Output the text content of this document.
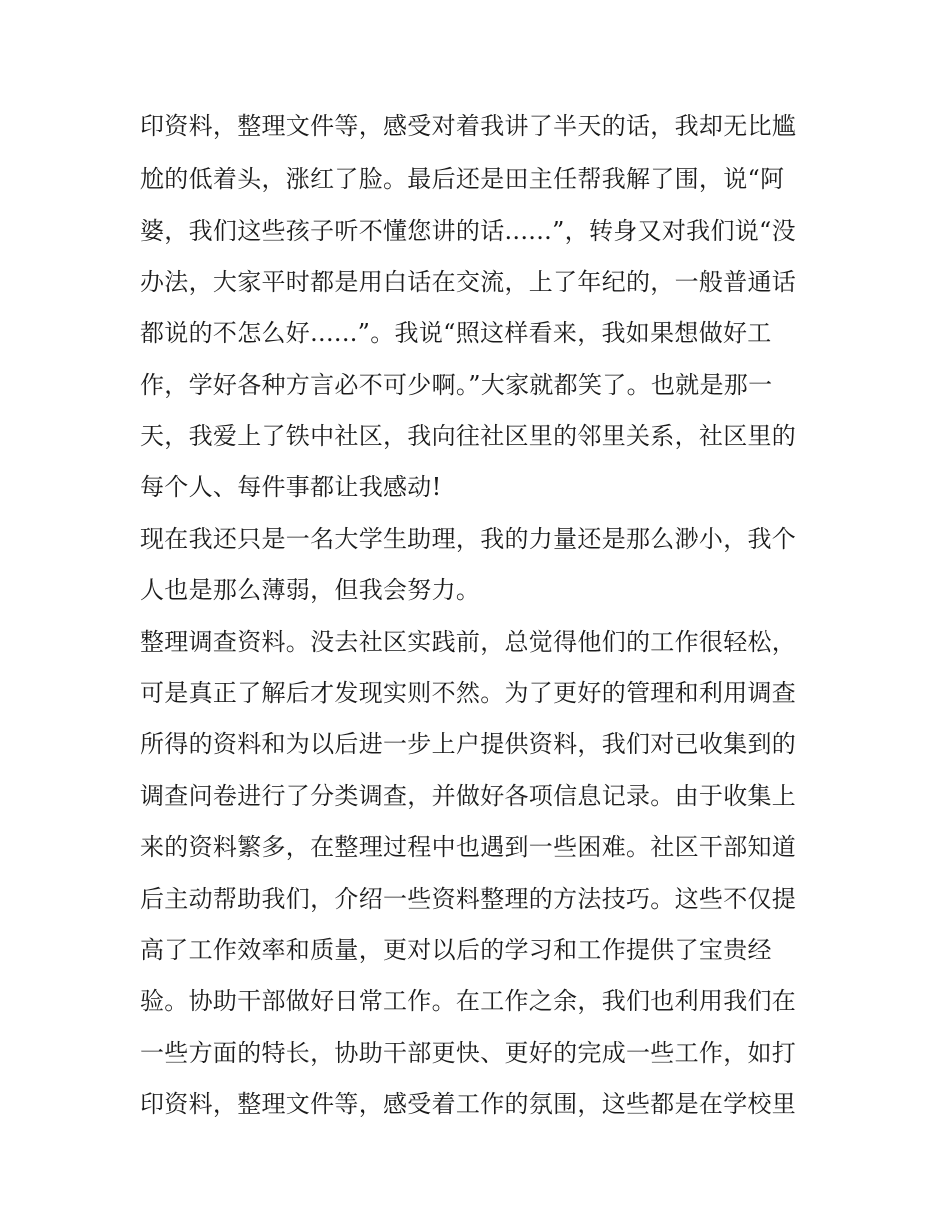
印资料，整理文件等，感受对着我讲了半天的话，我却无比尴
尬的低着头，涨红了脸。最后还是田主任帮我解了围，说“阿
婆，我们这些孩子听不懂您讲的话......”，转身又对我们说“没
办法，大家平时都是用白话在交流，上了年纪的，一般普通话
都说的不怎么好......”。我说“照这样看来，我如果想做好工
作，学好各种方言必不可少啊。”大家就都笑了。也就是那一
天，我爱上了铁中社区，我向往社区里的邻里关系，社区里的
每个人、每件事都让我感动!
现在我还只是一名大学生助理，我的力量还是那么渺小，我个
人也是那么薄弱，但我会努力。
整理调查资料。没去社区实践前，总觉得他们的工作很轻松，
可是真正了解后才发现实则不然。为了更好的管理和利用调查
所得的资料和为以后进一步上户提供资料，我们对已收集到的
调查问卷进行了分类调查，并做好各项信息记录。由于收集上
来的资料繁多，在整理过程中也遇到一些困难。社区干部知道
后主动帮助我们，介绍一些资料整理的方法技巧。这些不仅提
高了工作效率和质量，更对以后的学习和工作提供了宝贵经
验。协助干部做好日常工作。在工作之余，我们也利用我们在
一些方面的特长，协助干部更快、更好的完成一些工作，如打
印资料，整理文件等，感受着工作的氛围，这些都是在学校里
